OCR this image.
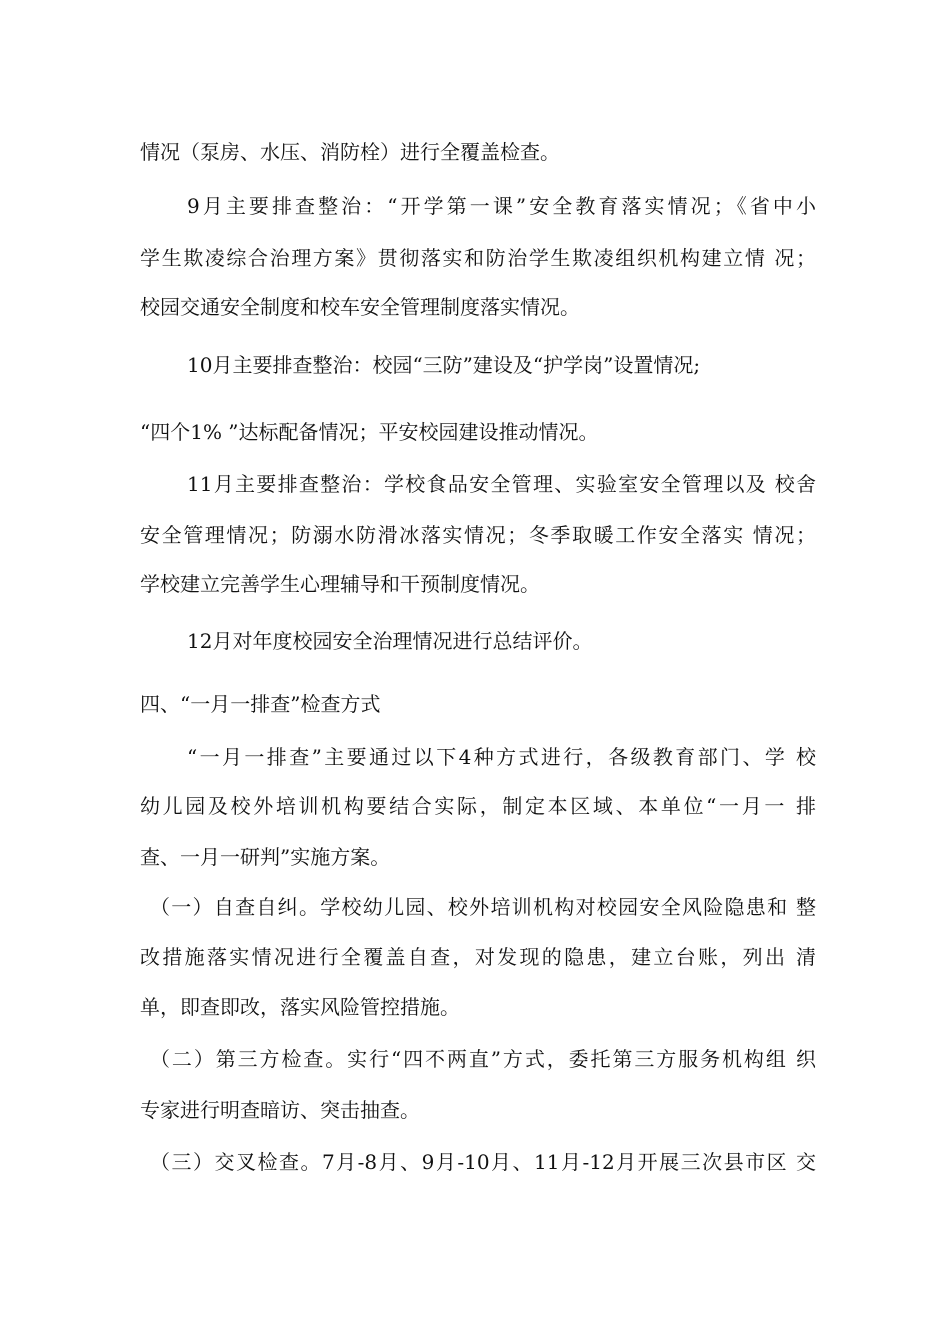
情况（泵房、水压、消防栓）进行全覆盖检查。

9月主要排查整治：“开学第一课”安全教育落实情况；《省中小

学生欺凌综合治理方案》贯彻落实和防治学生欺凌组织机构建立情 况；

校园交通安全制度和校车安全管理制度落实情况。

10月主要排查整治：校园“三防”建设及“护学岗”设置情况;

“四个1% ”达标配备情况；平安校园建设推动情况。

11月主要排查整治：学校食品安全管理、实验室安全管理以及 校舍

安全管理情况；防溺水防滑冰落实情况；冬季取暖工作安全落实 情况；

学校建立完善学生心理辅导和干预制度情况。

12月对年度校园安全治理情况进行总结评价。

四、“一月一排查”检查方式

“一月一排查”主要通过以下4种方式进行，各级教育部门、学 校

幼儿园及校外培训机构要结合实际，制定本区域、本单位“一月一 排

查、一月一研判”实施方案。

（一）自查自纠。学校幼儿园、校外培训机构对校园安全风险隐患和 整

改措施落实情况进行全覆盖自查，对发现的隐患，建立台账，列出 清

单，即查即改，落实风险管控措施。

（二）第三方检查。实行“四不两直”方式，委托第三方服务机构组 织

专家进行明查暗访、突击抽查。

（三）交叉检查。7月-8月、9月-10月、11月-12月开展三次县市区 交
